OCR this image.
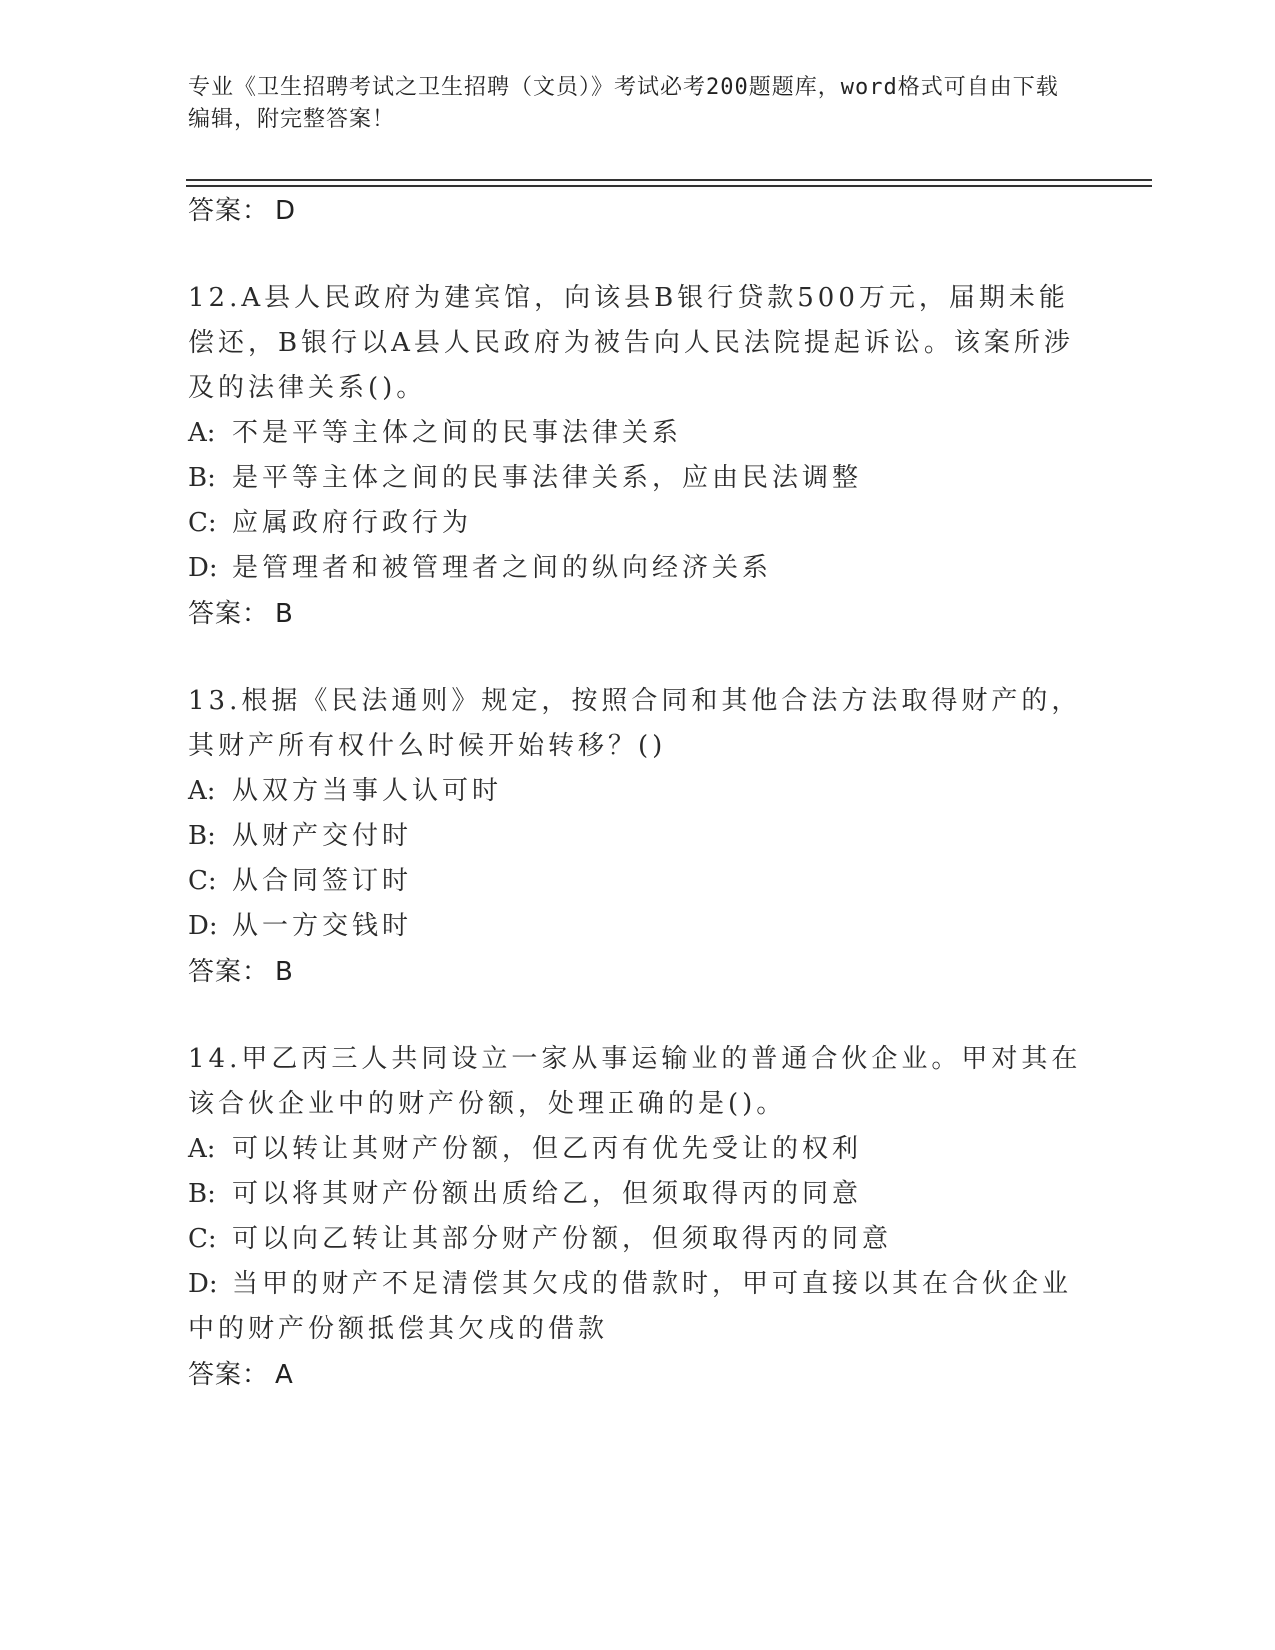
专业《卫生招聘考试之卫生招聘（文员）》考试必考200题题库，word格式可自由下载编辑，附完整答案！
答案： D
12.A县人民政府为建宾馆，向该县B银行贷款500万元，届期未能偿还，B银行以A县人民政府为被告向人民法院提起诉讼。该案所涉及的法律关系()。
A: 不是平等主体之间的民事法律关系
B: 是平等主体之间的民事法律关系，应由民法调整
C: 应属政府行政行为
D: 是管理者和被管理者之间的纵向经济关系
答案： B
13.根据《民法通则》规定，按照合同和其他合法方法取得财产的，其财产所有权什么时候开始转移？()
A: 从双方当事人认可时
B: 从财产交付时
C: 从合同签订时
D: 从一方交钱时
答案： B
14.甲乙丙三人共同设立一家从事运输业的普通合伙企业。甲对其在该合伙企业中的财产份额，处理正确的是()。
A: 可以转让其财产份额，但乙丙有优先受让的权利
B: 可以将其财产份额出质给乙，但须取得丙的同意
C: 可以向乙转让其部分财产份额，但须取得丙的同意
D: 当甲的财产不足清偿其欠戌的借款时，甲可直接以其在合伙企业中的财产份额抵偿其欠戌的借款
答案： A
